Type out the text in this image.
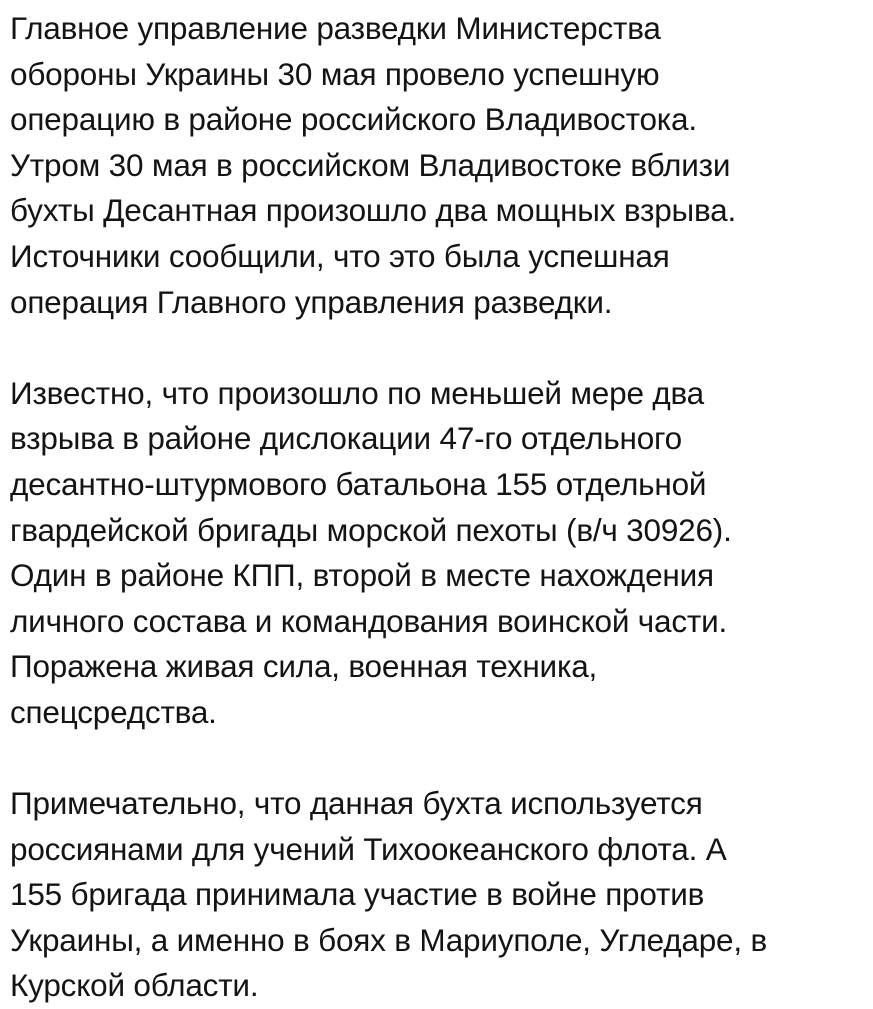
Главное управление разведки Министерства
обороны Украины 30 мая провело успешную
операцию в районе российского Владивостока.
Утром 30 мая в российском Владивостоке вблизи
бухты Десантная произошло два мощных взрыва.
Источники сообщили, что это была успешная
операция Главного управления разведки.
Известно, что произошло по меньшей мере два
взрыва в районе дислокации 47-го отдельного
десантно-штурмового батальона 155 отдельной
гвардейской бригады морской пехоты (в/ч 30926).
Один в районе КПП, второй в месте нахождения
личного состава и командования воинской части.
Поражена живая сила, военная техника,
спецсредства.
Примечательно, что данная бухта используется
россиянами для учений Тихоокеанского флота. А
155 бригада принимала участие в войне против
Украины, а именно в боях в Мариуполе, Угледаре, в
Курской области.
